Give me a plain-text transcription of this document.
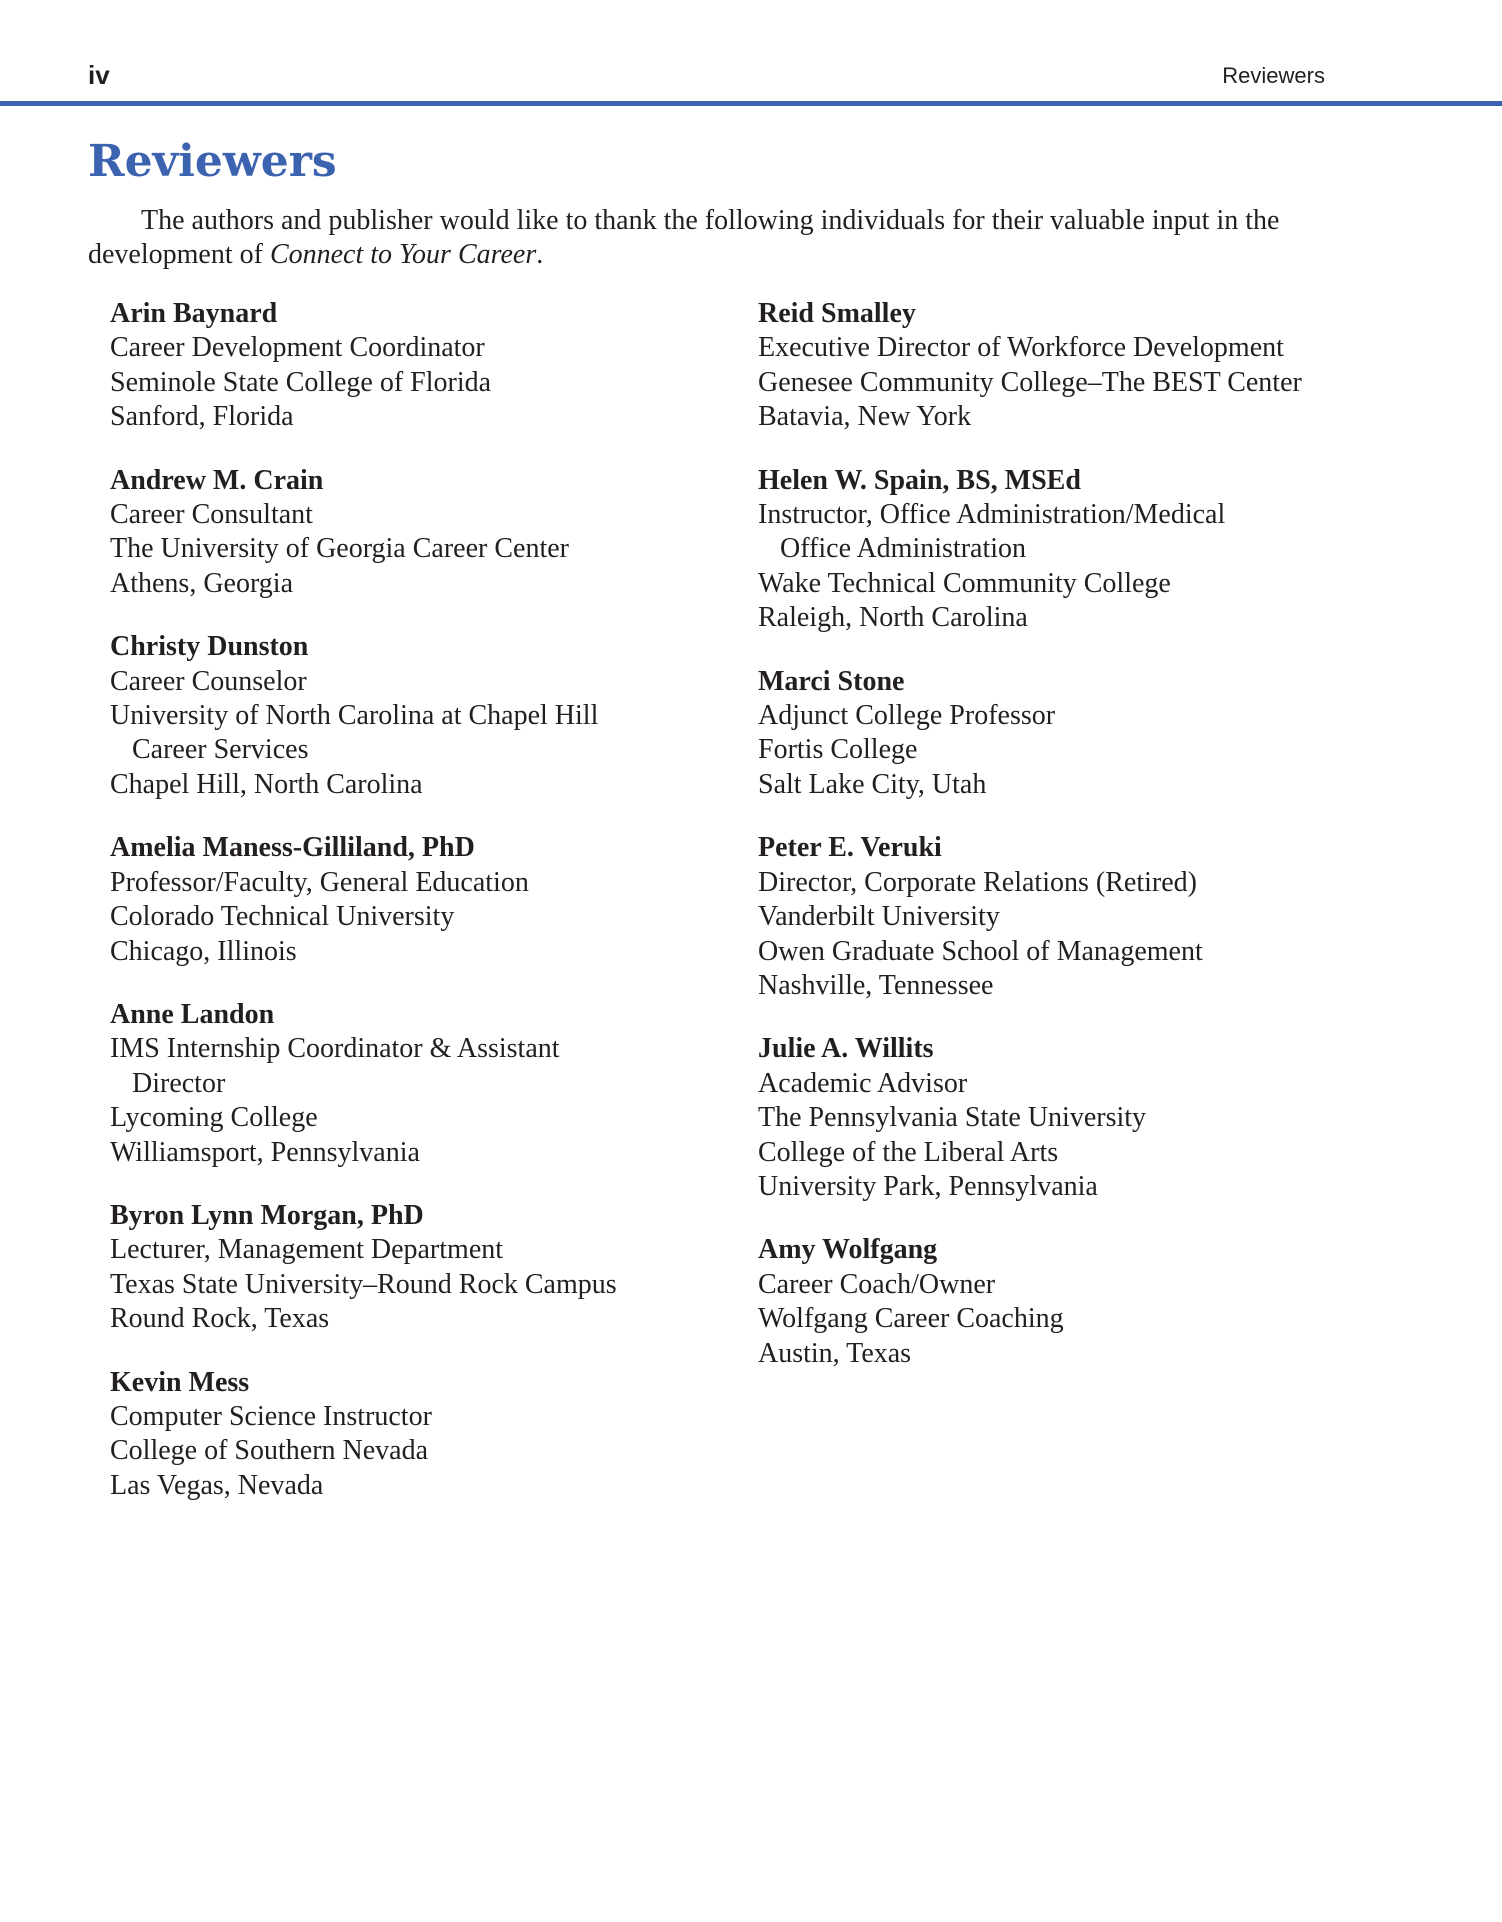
iv	Reviewers
Reviewers

The authors and publisher would like to thank the following individuals for their valuable input in the development of Connect to Your Career.

Arin Baynard
Career Development Coordinator
Seminole State College of Florida
Sanford, Florida
Andrew M. Crain
Career Consultant
The University of Georgia Career Center
Athens, Georgia
Christy Dunston
Career Counselor
University of North Carolina at Chapel Hill
Career Services
Chapel Hill, North Carolina
Amelia Maness-Gilliland, PhD
Professor/Faculty, General Education
Colorado Technical University
Chicago, Illinois
Anne Landon
IMS Internship Coordinator & Assistant
Director
Lycoming College
Williamsport, Pennsylvania
Byron Lynn Morgan, PhD
Lecturer, Management Department
Texas State University–Round Rock Campus
Round Rock, Texas
Kevin Mess
Computer Science Instructor
College of Southern Nevada
Las Vegas, Nevada
Reid Smalley
Executive Director of Workforce Development
Genesee Community College–The BEST Center
Batavia, New York
Helen W. Spain, BS, MSEd
Instructor, Office Administration/Medical
Office Administration
Wake Technical Community College
Raleigh, North Carolina
Marci Stone
Adjunct College Professor
Fortis College
Salt Lake City, Utah
Peter E. Veruki
Director, Corporate Relations (Retired)
Vanderbilt University
Owen Graduate School of Management
Nashville, Tennessee
Julie A. Willits
Academic Advisor
The Pennsylvania State University
College of the Liberal Arts
University Park, Pennsylvania
Amy Wolfgang
Career Coach/Owner
Wolfgang Career Coaching
Austin, Texas
